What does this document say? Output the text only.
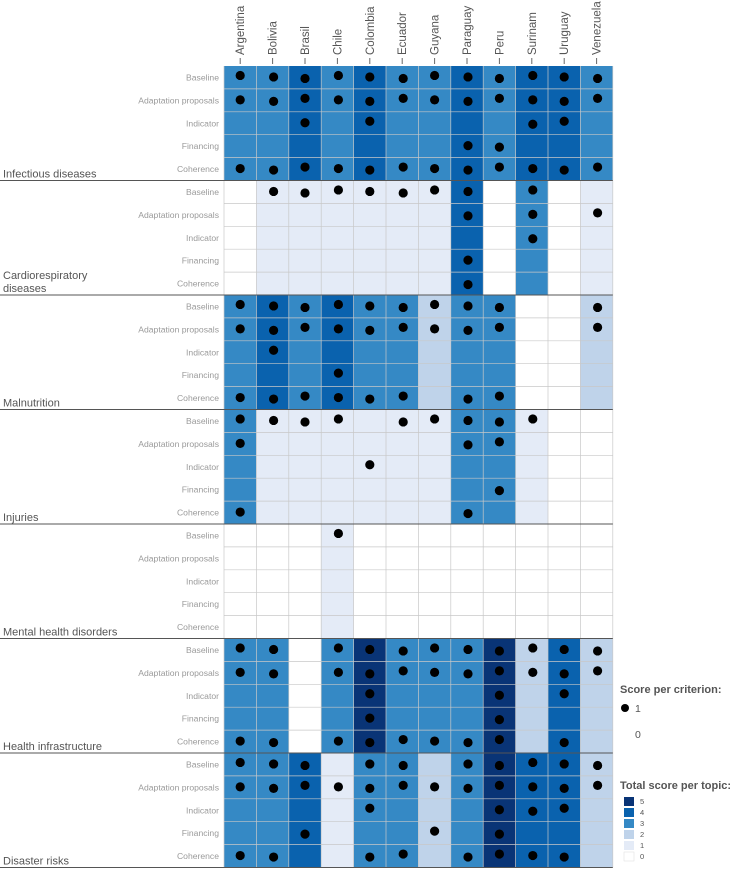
Argentina Bolivia Brasil Chile Colombia Ecuador Guyana Paraguay Peru Surinam Uruguay Venezuela
Baseline
Adaptation proposals
Indicator
Financing
Coherence
Infectious diseases
Baseline
Adaptation proposals
Indicator
Financing
Coherence
Cardiorespiratory
diseases
Baseline
Adaptation proposals
Indicator
Financing
Coherence
Malnutrition
Baseline
Adaptation proposals
Indicator
Financing
Coherence
Injuries
Baseline
Adaptation proposals
Indicator
Financing
Coherence
Mental health disorders
Baseline
Adaptation proposals
Indicator
Financing
Coherence
Health infrastructure
Baseline
Adaptation proposals
Indicator
Financing
Coherence
Disaster risks
Score per criterion:
1
0
Total score per topic:
5
4
3
2
1
0
